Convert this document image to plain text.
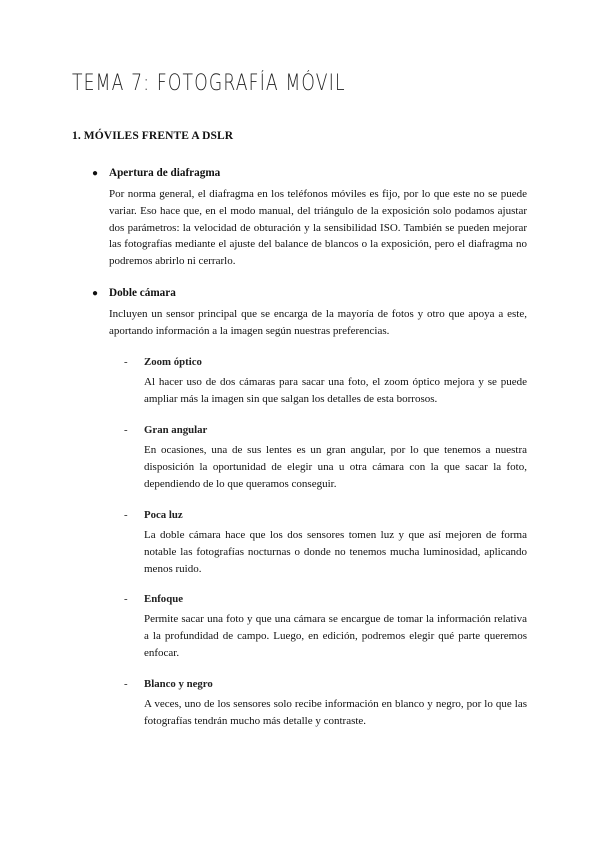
TEMA 7: FOTOGRAFÍA MÓVIL
1. MÓVILES FRENTE A DSLR

● Apertura de diafragma

Por norma general, el diafragma en los teléfonos móviles es fijo, por lo que este no se puede variar. Eso hace que, en el modo manual, del triángulo de la exposición solo podamos ajustar dos parámetros: la velocidad de obturación y la sensibilidad ISO. También se pueden mejorar las fotografías mediante el ajuste del balance de blancos o la exposición, pero el diafragma no podremos abrirlo ni cerrarlo.

● Doble cámara

Incluyen un sensor principal que se encarga de la mayoría de fotos y otro que apoya a este, aportando información a la imagen según nuestras preferencias.

- Zoom óptico

Al hacer uso de dos cámaras para sacar una foto, el zoom óptico mejora y se puede ampliar más la imagen sin que salgan los detalles de esta borrosos.

- Gran angular

En ocasiones, una de sus lentes es un gran angular, por lo que tenemos a nuestra disposición la oportunidad de elegir una u otra cámara con la que sacar la foto, dependiendo de lo que queramos conseguir.

- Poca luz

La doble cámara hace que los dos sensores tomen luz y que así mejoren de forma notable las fotografías nocturnas o donde no tenemos mucha luminosidad, aplicando menos ruido.

- Enfoque

Permite sacar una foto y que una cámara se encargue de tomar la información relativa a la profundidad de campo. Luego, en edición, podremos elegir qué parte queremos enfocar.

- Blanco y negro

A veces, uno de los sensores solo recibe información en blanco y negro, por lo que las fotografías tendrán mucho más detalle y contraste.
